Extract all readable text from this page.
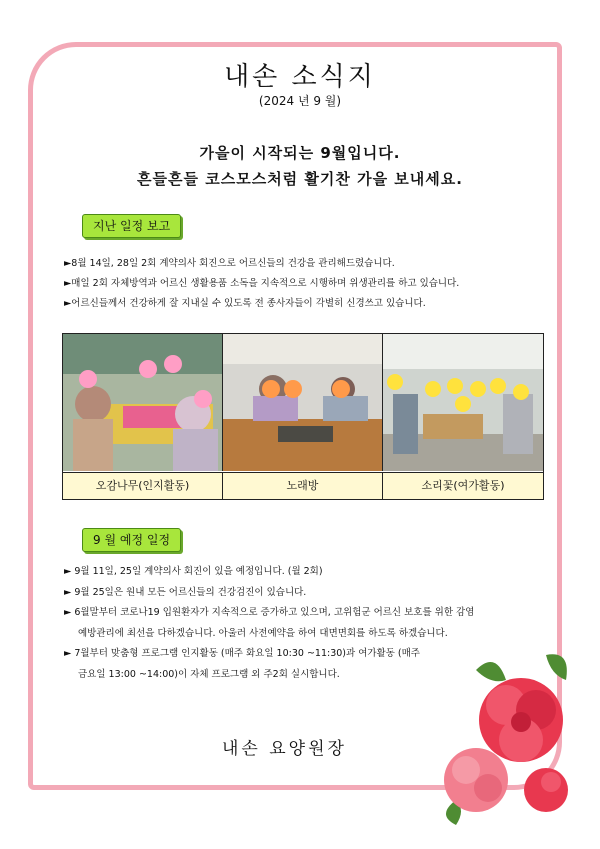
내손 소식지
(2024 년 9 월)
가을이 시작되는 9월입니다.
흔들흔들 코스모스처럼 활기찬 가을 보내세요.
지난 일정 보고

►8월 14일, 28일 2회 계약의사 회진으로 어르신들의 건강을 관리해드렸습니다.

►매일 2회 자체방역과 어르신 생활용품 소독을 지속적으로 시행하며 위생관리를 하고 있습니다.

►어르신들께서 건강하게 잘 지내실 수 있도록 전 종사자들이 각별히 신경쓰고 있습니다.

오감나무(인지활동)	노래방	소리꽃(여가활동)
9 월 예정 일정

► 9월 11일, 25일 계약의사 회진이 있을 예정입니다. (월 2회)

► 9월 25일은 원내 모든 어르신들의 건강검진이 있습니다.

► 6월말부터 코로나19 입원환자가 지속적으로 증가하고 있으며, 고위험군 어르신 보호를 위한 감염

예방관리에 최선을 다하겠습니다. 아울러 사전예약을 하여 대면면회를 하도록 하겠습니다.

► 7월부터 맞춤형 프로그램 인지활동 (매주 화요일 10:30 ~11:30)과 여가활동 (매주

금요일 13:00 ~14:00)이 자체 프로그램 외 주2회 실시합니다.

내손 요양원장
